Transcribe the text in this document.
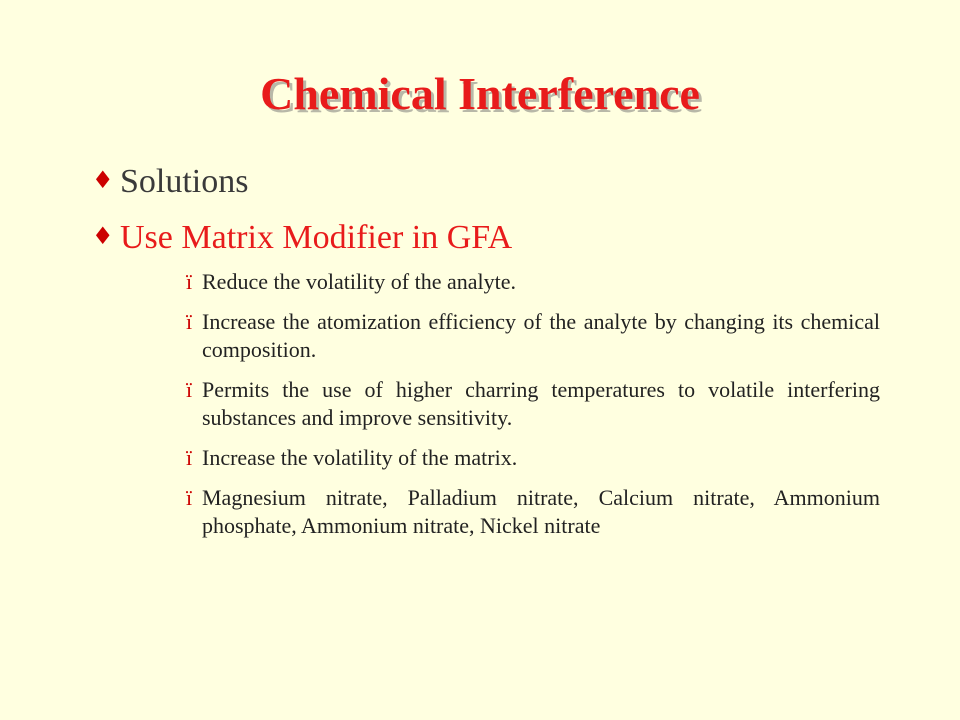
Chemical Interference
♦ Solutions
♦ Use Matrix Modifier in GFA
ï Reduce the volatility of the analyte.
ï Increase the atomization efficiency of the analyte by changing its chemical composition.
ï Permits the use of higher charring temperatures to volatile interfering substances and improve sensitivity.
ï Increase the volatility of the matrix.
ï Magnesium nitrate, Palladium nitrate, Calcium nitrate, Ammonium phosphate, Ammonium nitrate, Nickel nitrate
